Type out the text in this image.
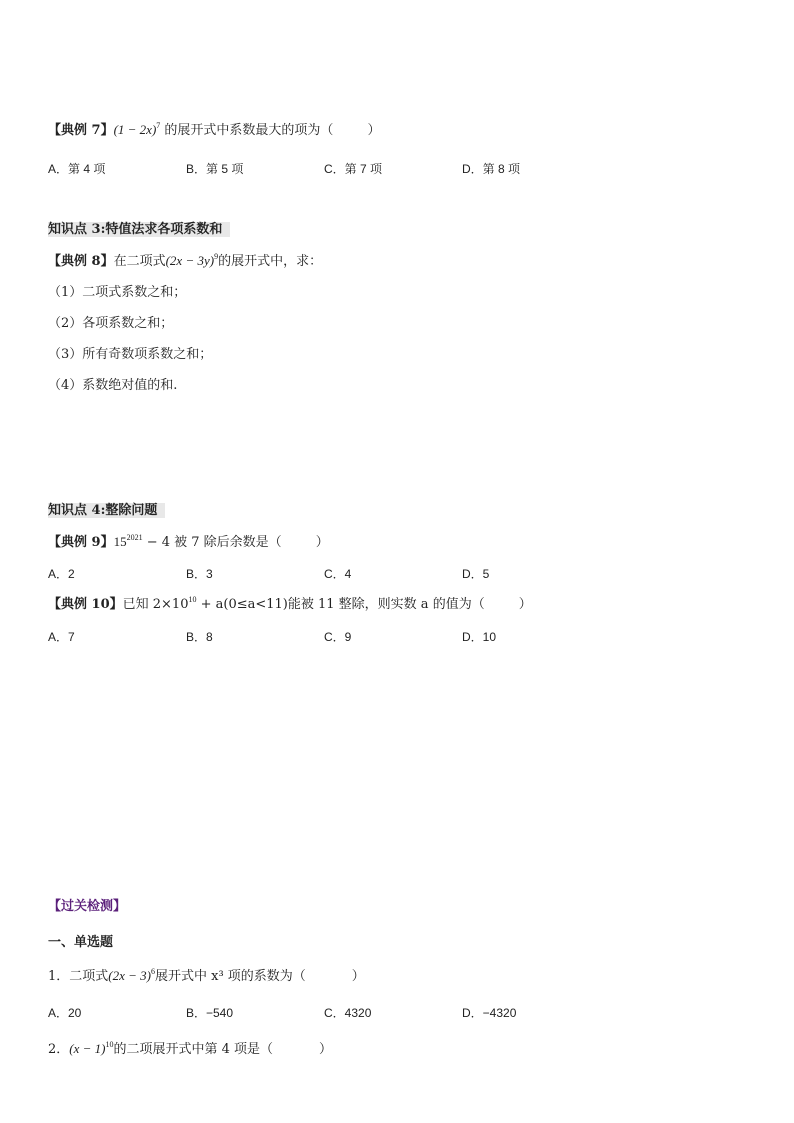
【典例 7】$(1 - 2x)^7$ 的展开式中系数最大的项为（	）
A．第 4 项	B．第 5 项	C．第 7 项	D．第 8 项
知识点 3:特值法求各项系数和
【典例 8】在二项式$(2x - 3y)^9$的展开式中，求：
（1）二项式系数之和；
（2）各项系数之和；
（3）所有奇数项系数之和；
（4）系数绝对值的和.
知识点 4:整除问题
【典例 9】$15^{2021} - 4$ 被 7 除后余数是（	）
A．2	B．3	C．4	D．5
【典例 10】已知 $2\times 10^{10} + a(0\le a<11)$能被 11 整除，则实数 a 的值为（	）
A．7	B．8	C．9	D．10
【过关检测】
一、单选题
1．二项式$(2x - 3)^6$展开式中 x³ 项的系数为（	）
A．20	B．−540	C．4320	D．−4320
2．$(x - 1)^{10}$的二项展开式中第 4 项是（	）
